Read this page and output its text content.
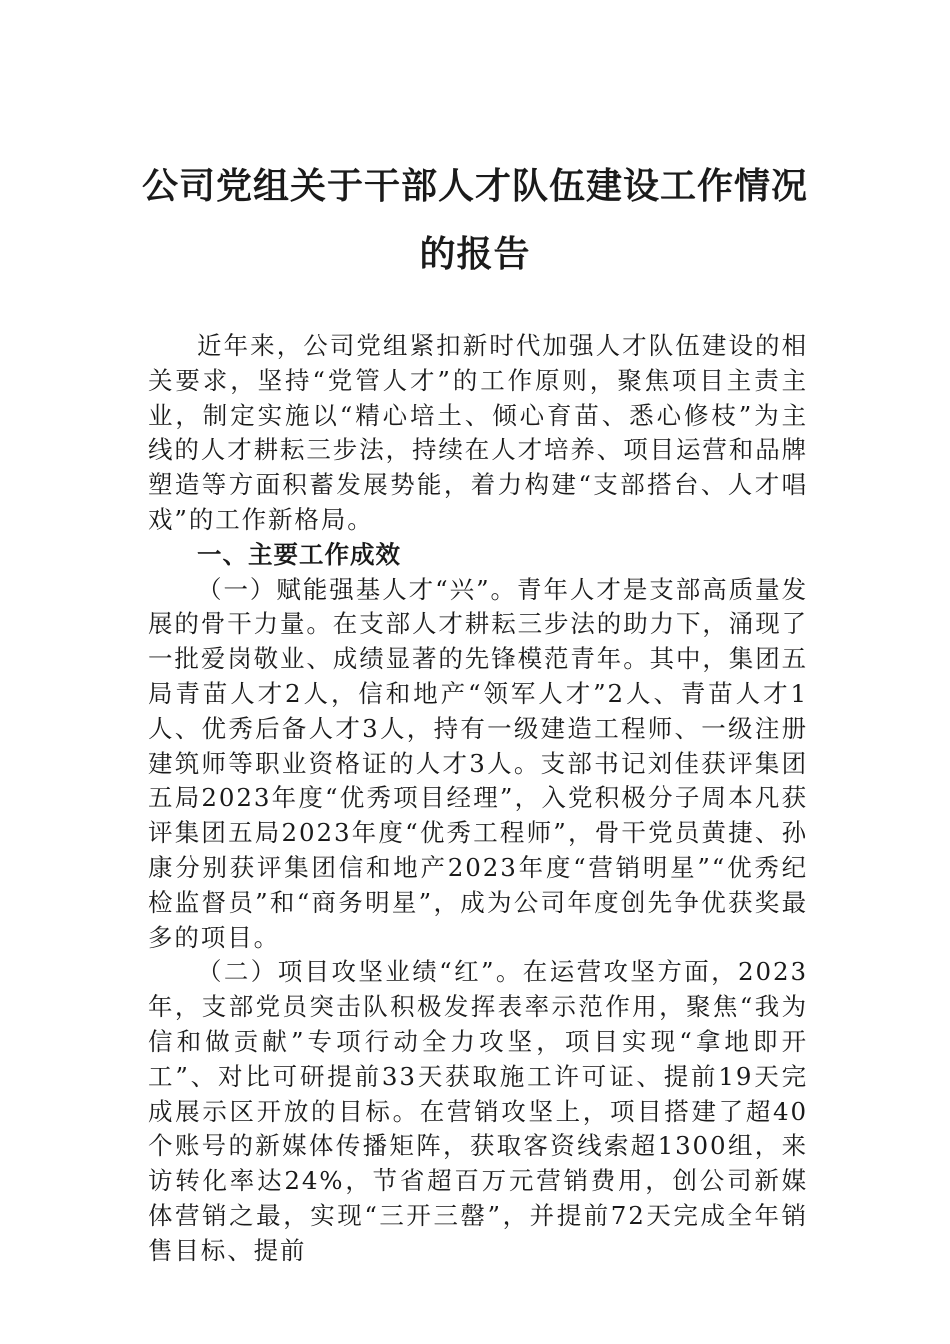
公司党组关于干部人才队伍建设工作情况
的报告

近年来，公司党组紧扣新时代加强人才队伍建设的相关要求，坚持“党管人才”的工作原则，聚焦项目主责主业，制定实施以“精心培土、倾心育苗、悉心修枝”为主线的人才耕耘三步法，持续在人才培养、项目运营和品牌塑造等方面积蓄发展势能，着力构建“支部搭台、人才唱戏”的工作新格局。

一、主要工作成效

（一）赋能强基人才“兴”。青年人才是支部高质量发展的骨干力量。在支部人才耕耘三步法的助力下，涌现了一批爱岗敬业、成绩显著的先锋模范青年。其中，集团五局青苗人才2人，信和地产“领军人才”2人、青苗人才1人、优秀后备人才3人，持有一级建造工程师、一级注册建筑师等职业资格证的人才3人。支部书记刘佳获评集团五局2023年度“优秀项目经理”，入党积极分子周本凡获评集团五局2023年度“优秀工程师”，骨干党员黄捷、孙康分别获评集团信和地产2023年度“营销明星”“优秀纪检监督员”和“商务明星”，成为公司年度创先争优获奖最多的项目。

（二）项目攻坚业绩“红”。在运营攻坚方面，2023年，支部党员突击队积极发挥表率示范作用，聚焦“我为信和做贡献”专项行动全力攻坚，项目实现“拿地即开工”、对比可研提前33天获取施工许可证、提前19天完成展示区开放的目标。在营销攻坚上，项目搭建了超40个账号的新媒体传播矩阵，获取客资线索超1300组，来访转化率达24%，节省超百万元营销费用，创公司新媒体营销之最，实现“三开三罄”，并提前72天完成全年销售目标、提前
